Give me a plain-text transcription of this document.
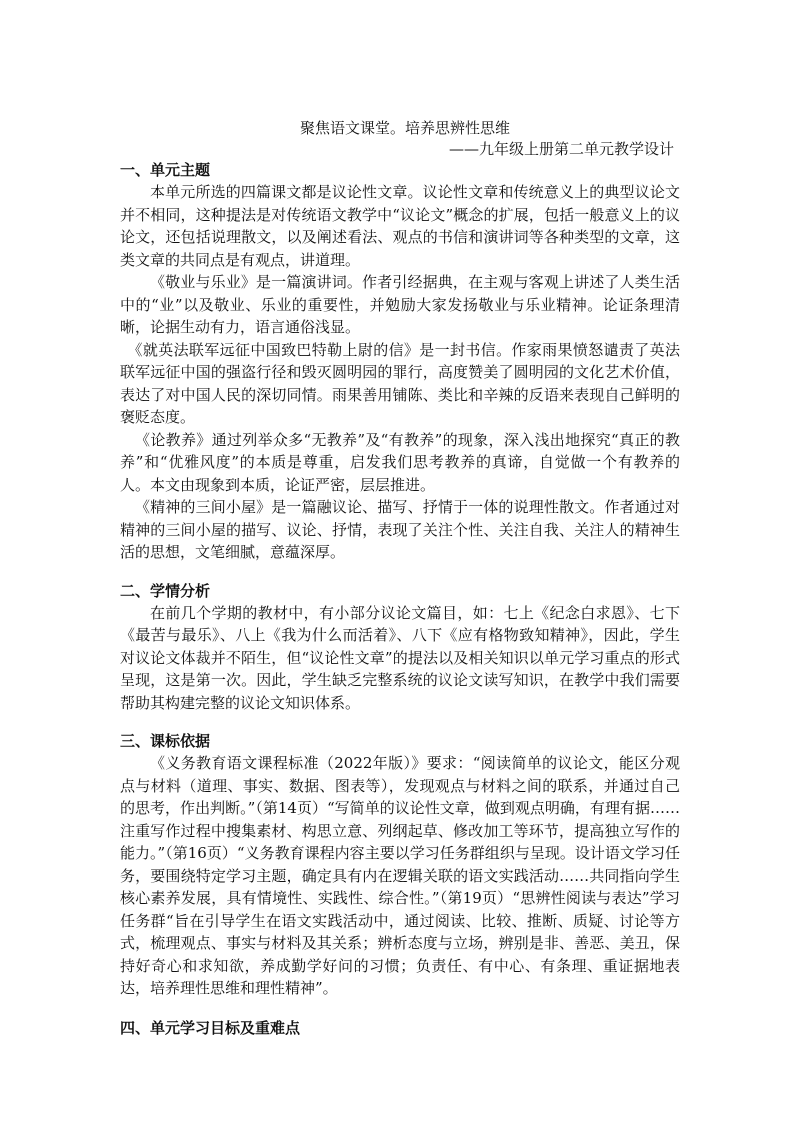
聚焦语文课堂。培养思辨性思维

——九年级上册第二单元教学设计

一、单元主题

本单元所选的四篇课文都是议论性文章。议论性文章和传统意义上的典型议论文并不相同，这种提法是对传统语文教学中“议论文”概念的扩展，包括一般意义上的议论文，还包括说理散文，以及阐述看法、观点的书信和演讲词等各种类型的文章，这类文章的共同点是有观点，讲道理。

《敬业与乐业》是一篇演讲词。作者引经据典，在主观与客观上讲述了人类生活中的“业”以及敬业、乐业的重要性，并勉励大家发扬敬业与乐业精神。论证条理清晰，论据生动有力，语言通俗浅显。

《就英法联军远征中国致巴特勒上尉的信》是一封书信。作家雨果愤怒谴责了英法联军远征中国的强盗行径和毁灭圆明园的罪行，高度赞美了圆明园的文化艺术价值，表达了对中国人民的深切同情。雨果善用铺陈、类比和辛辣的反语来表现自己鲜明的褒贬态度。

《论教养》通过列举众多“无教养”及“有教养”的现象，深入浅出地探究“真正的教养”和“优雅风度”的本质是尊重，启发我们思考教养的真谛，自觉做一个有教养的人。本文由现象到本质，论证严密，层层推进。

《精神的三间小屋》是一篇融议论、描写、抒情于一体的说理性散文。作者通过对精神的三间小屋的描写、议论、抒情，表现了关注个性、关注自我、关注人的精神生活的思想，文笔细腻，意蕴深厚。

二、学情分析

在前几个学期的教材中，有小部分议论文篇目，如：七上《纪念白求恩》、七下《最苦与最乐》、八上《我为什么而活着》、八下《应有格物致知精神》，因此，学生对议论文体裁并不陌生，但“议论性文章”的提法以及相关知识以单元学习重点的形式呈现，这是第一次。因此，学生缺乏完整系统的议论文读写知识，在教学中我们需要帮助其构建完整的议论文知识体系。

三、课标依据

《义务教育语文课程标准（2022年版）》要求：“阅读简单的议论文，能区分观点与材料（道理、事实、数据、图表等），发现观点与材料之间的联系，并通过自己的思考，作出判断。”（第14页）“写简单的议论性文章，做到观点明确，有理有据……注重写作过程中搜集素材、构思立意、列纲起草、修改加工等环节，提高独立写作的能力。”（第16页）“义务教育课程内容主要以学习任务群组织与呈现。设计语文学习任务，要围绕特定学习主题，确定具有内在逻辑关联的语文实践活动……共同指向学生核心素养发展，具有情境性、实践性、综合性。”（第19页）“思辨性阅读与表达”学习任务群“旨在引导学生在语文实践活动中，通过阅读、比较、推断、质疑、讨论等方式，梳理观点、事实与材料及其关系；辨析态度与立场，辨别是非、善恶、美丑，保持好奇心和求知欲，养成勤学好问的习惯；负责任、有中心、有条理、重证据地表达，培养理性思维和理性精神”。

四、单元学习目标及重难点
